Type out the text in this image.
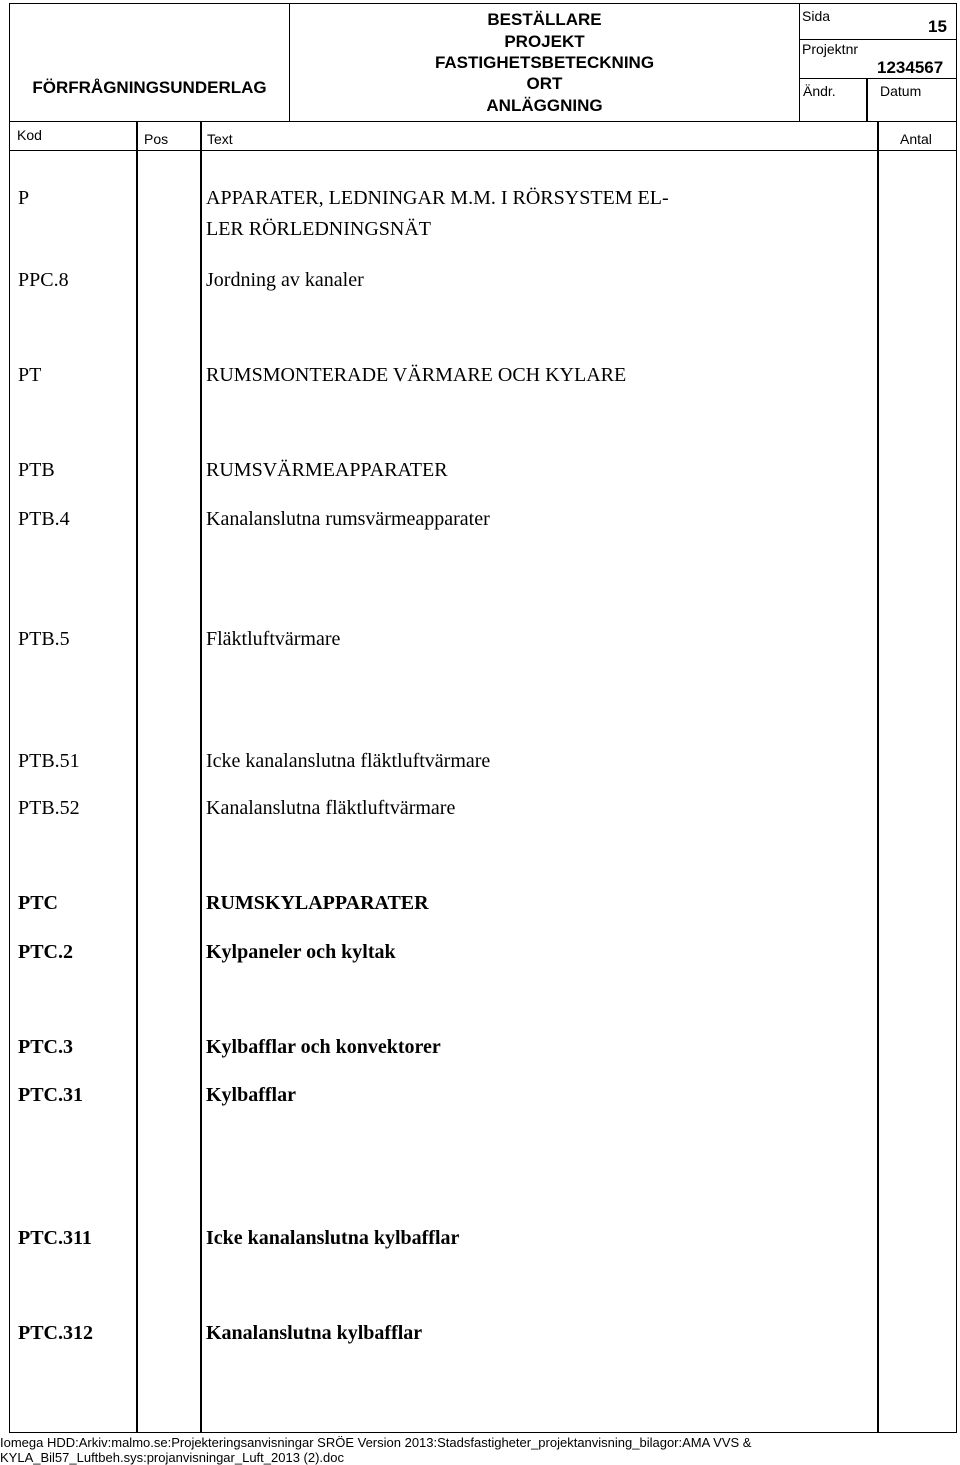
FÖRFRÅGNINGSUNDERLAG
BESTÄLLARE
PROJEKT
FASTIGHETSBETECKNING
ORT
ANLÄGGNING
Sida
15
Projektnr
1234567
Ändr.	Datum
Kod	Pos	Text	Antal
P	APPARATER, LEDNINGAR M.M. I RÖRSYSTEM EL-
LER RÖRLEDNINGSNÄT
PPC.8	Jordning av kanaler
PT	RUMSMONTERADE VÄRMARE OCH KYLARE
PTB	RUMSVÄRMEAPPARATER
PTB.4	Kanalanslutna rumsvärmeapparater
PTB.5	Fläktluftvärmare
PTB.51	Icke kanalanslutna fläktluftvärmare
PTB.52	Kanalanslutna fläktluftvärmare
PTC	RUMSKYLAPPARATER
PTC.2	Kylpaneler och kyltak
PTC.3	Kylbafflar och konvektorer
PTC.31	Kylbafflar
PTC.311	Icke kanalanslutna kylbafflar
PTC.312	Kanalanslutna kylbafflar
Iomega HDD:Arkiv:malmo.se:Projekteringsanvisningar SRÖE Version 2013:Stadsfastigheter_projektanvisning_bilagor:AMA VVS &
KYLA_Bil57_Luftbeh.sys:projanvisningar_Luft_2013 (2).doc
